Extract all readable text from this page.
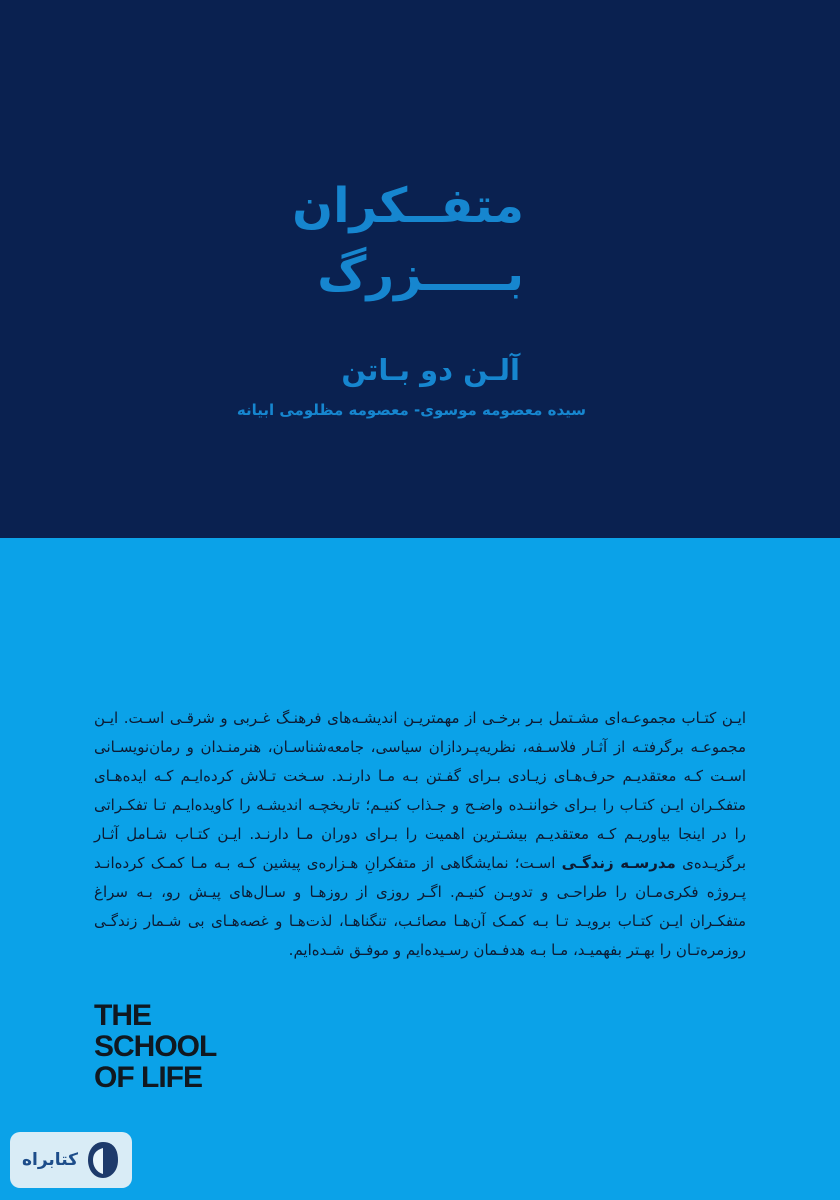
متفــکران
بـــــزرگ
آلـن دو بـاتن
سیده معصومه موسوی- معصومه مظلومی ابیانه
ایـن کتـاب مجموعـه‌ای مشـتمل بـر برخـی از مهمتریـن اندیشـه‌های فرهنـگ غـربی و شرقـی اسـت. ایـن مجموعـه برگرفتـه از آثـار فلاسـفه، نظریه‌پـردازان سیاسی، جامعه‌شناسـان، هنرمنـدان و رمان‌نویسـانی اسـت کـه معتقدیـم حرف‌هـای زیـادی بـرای گفـتن بـه مـا دارنـد. سـخت تـلاش کرده‌ایـم کـه ایده‌هـای متفکـران ایـن کتـاب را بـرای خواننـده واضـح و جـذاب کنیـم؛ تاریخچـه اندیشـه را کاویده‌ایـم تـا تفکـراتی را در اینجا بیاوریـم کـه معتقدیـم بیشـترین اهمیت را بـرای دوران مـا دارنـد. ایـن کتـاب شـامل آثـار برگزیـده‌ی مدرسـه زندگـی اسـت؛ نمایشگاهی از متفکرانِ هـزاره‌ی پیشین کـه بـه مـا کمـک کرده‌انـد پـروژه فکری‌مـان را طراحـی و تدویـن کنیـم. اگـر روزی از روزهـا و سـال‌های پیـش رو، بـه سراغ متفکـران ایـن کتـاب برویـد تـا بـه کمـک آن‌هـا مصائـب، تنگناهـا، لذت‌هـا و غصه‌هـای بی شـمار زندگـی روزمره‌تـان را بهـتر بفهمیـد، مـا بـه هدفـمان رسـیده‌ایم و موفـق شـده‌ایم.
THE
SCHOOL
OF LIFE
کتابراه
